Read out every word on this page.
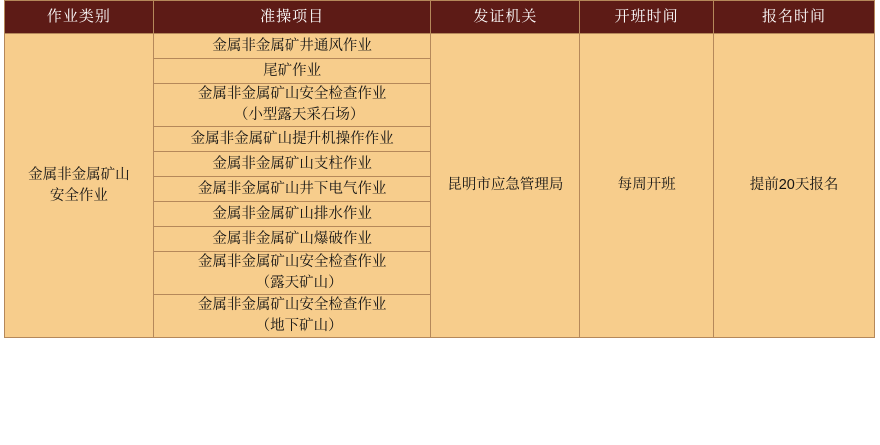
作业类别	准操项目	发证机关	开班时间	报名时间

金属非金属矿山
安全作业	金属非金属矿井通风作业	昆明市应急管理局	每周开班	提前20天报名
	尾矿作业			
	金属非金属矿山安全检查作业
（小型露天采石场）			

	金属非金属矿山提升机操作作业			
	金属非金属矿山支柱作业			
	金属非金属矿山井下电气作业			
	金属非金属矿山排水作业			
	金属非金属矿山爆破作业			
	金属非金属矿山安全检查作业
（露天矿山）			

	金属非金属矿山安全检查作业
（地下矿山）			
